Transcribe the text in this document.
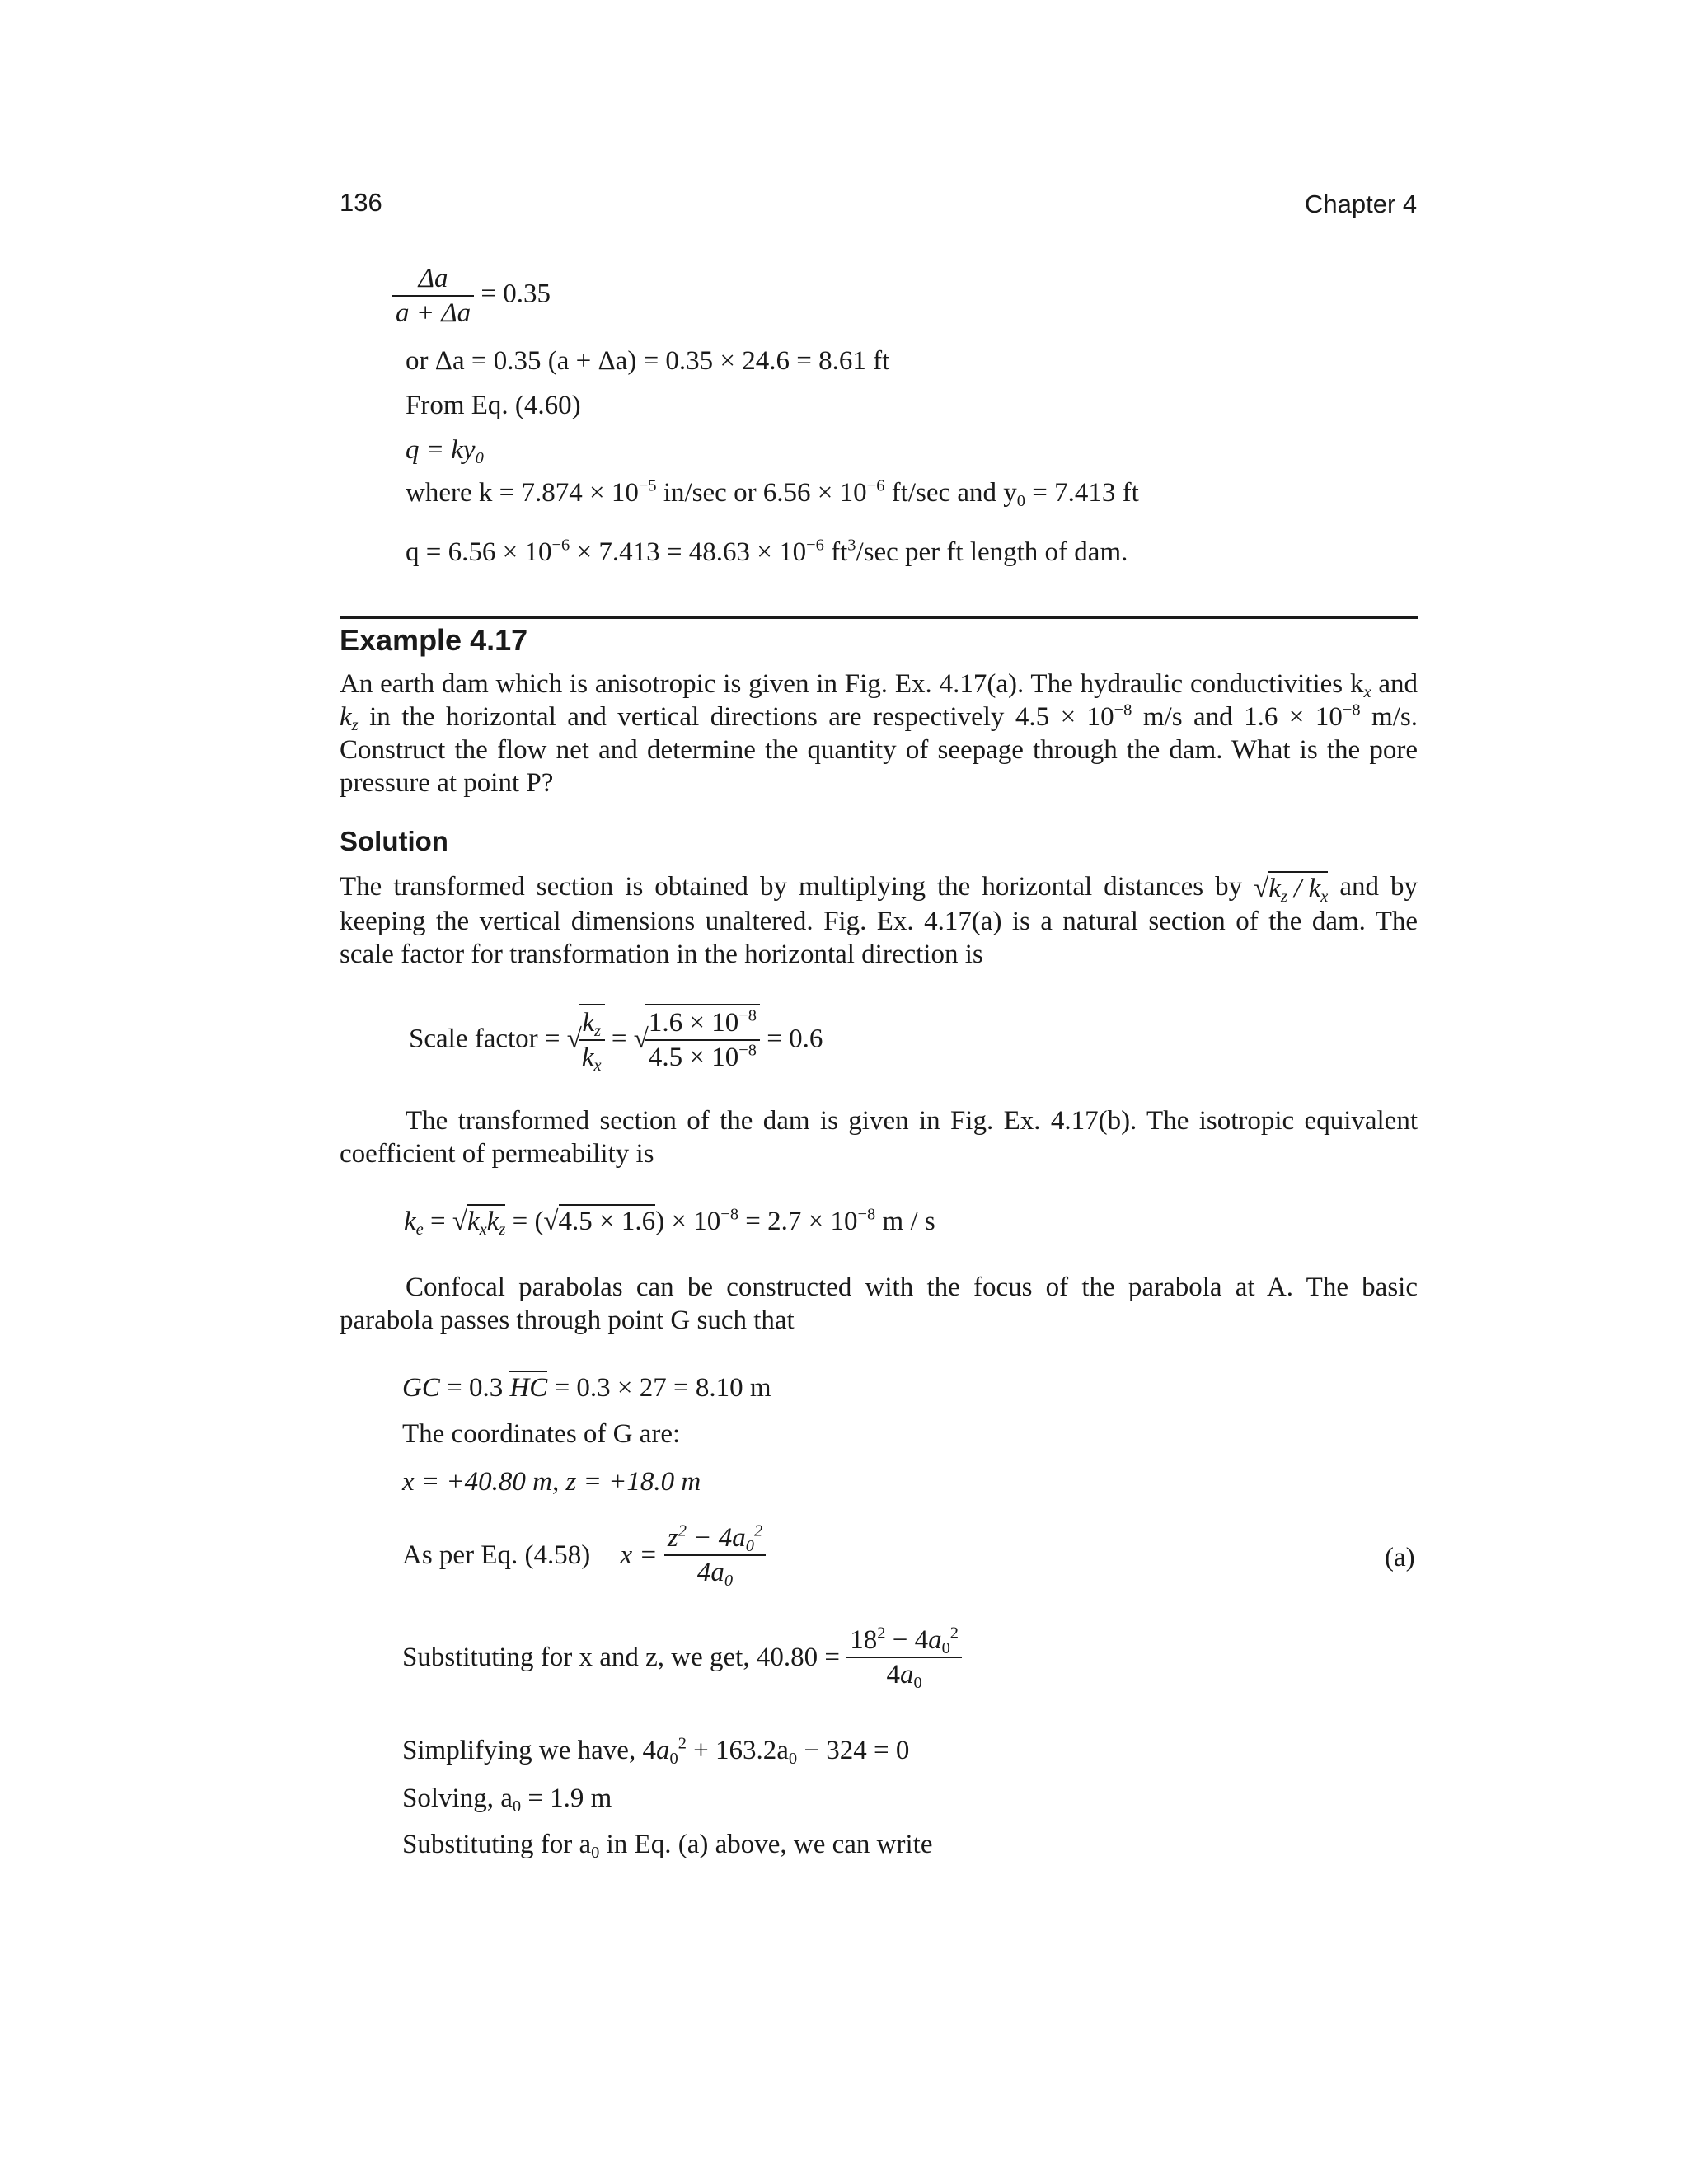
136	Chapter 4
$\frac{\Delta a}{a + \Delta a} = 0.35$
or Δa = 0.35 (a + Δa) = 0.35 × 24.6 = 8.61 ft
From Eq. (4.60)
$q = ky_0$
where $k = 7.874 \times 10^{-5}$ in/sec or $6.56 \times 10^{-6}$ ft/sec and $y_0 = 7.413$ ft
$q = 6.56 \times 10^{-6} \times 7.413 = 48.63 \times 10^{-6}$ $ft^3/\sec$ per ft length of dam.
Example 4.17
An earth dam which is anisotropic is given in Fig. Ex. 4.17(a). The hydraulic conductivities $k_x$ and $k_z$ in the horizontal and vertical directions are respectively $4.5 \times 10^{-8}$ m/s and $1.6 \times 10^{-8}$ m/s. Construct the flow net and determine the quantity of seepage through the dam. What is the pore pressure at point P?
Solution
The transformed section is obtained by multiplying the horizontal distances by $√k_z / k_x$ and by keeping the vertical dimensions unaltered. Fig. Ex. 4.17(a) is a natural section of the dam. The scale factor for transformation in the horizontal direction is
Scale factor = √
$\frac{k_z}{k_x}$ = √
$\frac{1.6 \times 10^{-8}}{4.5 \times 10^{-8}} = 0.6$
The transformed section of the dam is given in Fig. Ex. 4.17(b). The isotropic equivalent coefficient of permeability is
$k_e = √k_xk_z = (√4.5 \times 1.6) \times 10^{-8} = 2.7 \times 10^{-8}$ m / s
Confocal parabolas can be constructed with the focus of the parabola at A. The basic parabola passes through point G such that
GC = 0.3 HC = 0.3 × 27 = 8.10 m
The coordinates of G are:
x = +40.80 m, z = +18.0 m
As per Eq. (4.58) $x = \frac{z^2 - 4a_0^2}{4a_0}$	(a)
Substituting for x and z, we get, $40.80 = \frac{18^2 - 4a_0^2}{4a_0}$
Simplifying we have, $4a_0^2 + 163.2a_0 - 324 = 0$
Solving, $a_0 = 1.9$ m
Substituting for $a_0$ in Eq. (a) above, we can write
